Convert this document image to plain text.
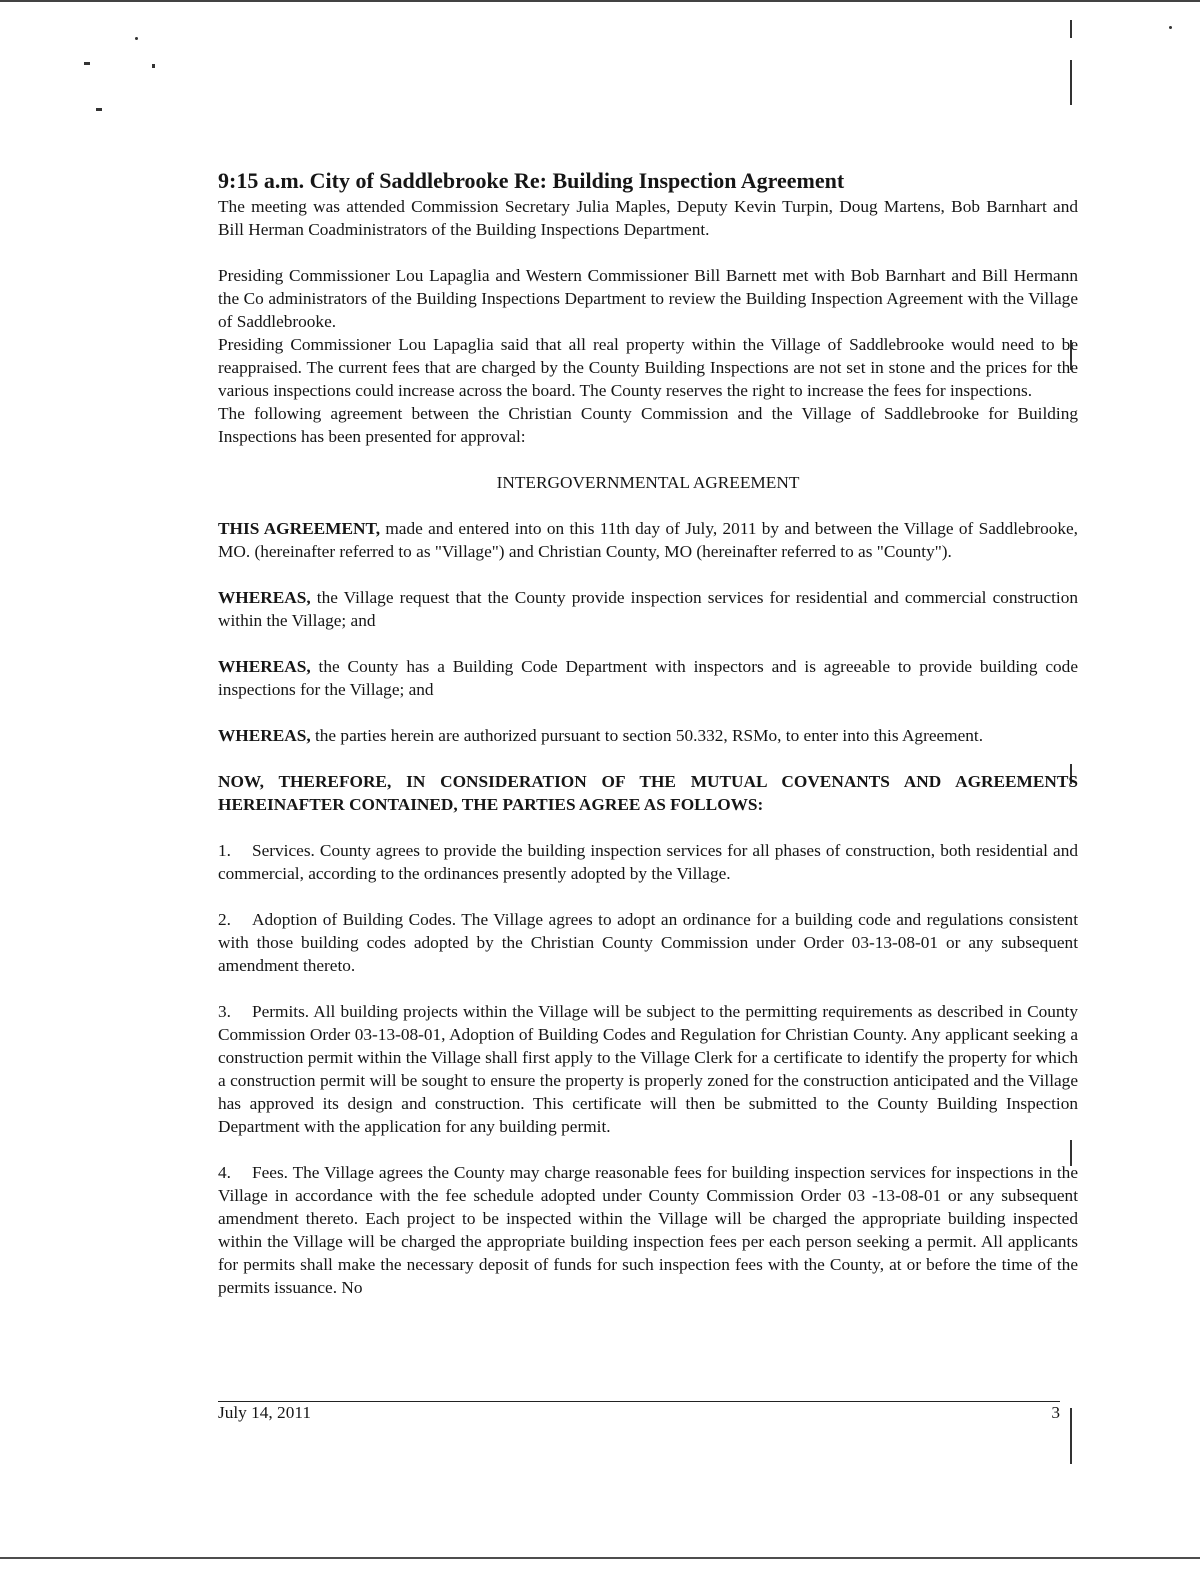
9:15 a.m. City of Saddlebrooke Re: Building Inspection Agreement

The meeting was attended Commission Secretary Julia Maples, Deputy Kevin Turpin, Doug Martens, Bob Barnhart and Bill Herman Coadministrators of the Building Inspections Department.

Presiding Commissioner Lou Lapaglia and Western Commissioner Bill Barnett met with Bob Barnhart and Bill Hermann the Co administrators of the Building Inspections Department to review the Building Inspection Agreement with the Village of Saddlebrooke.

Presiding Commissioner Lou Lapaglia said that all real property within the Village of Saddlebrooke would need to be reappraised. The current fees that are charged by the County Building Inspections are not set in stone and the prices for the various inspections could increase across the board. The County reserves the right to increase the fees for inspections.

The following agreement between the Christian County Commission and the Village of Saddlebrooke for Building Inspections has been presented for approval:

INTERGOVERNMENTAL AGREEMENT

THIS AGREEMENT, made and entered into on this 11th day of July, 2011 by and between the Village of Saddlebrooke, MO. (hereinafter referred to as "Village") and Christian County, MO (hereinafter referred to as "County").

WHEREAS, the Village request that the County provide inspection services for residential and commercial construction within the Village; and

WHEREAS, the County has a Building Code Department with inspectors and is agreeable to provide building code inspections for the Village; and

WHEREAS, the parties herein are authorized pursuant to section 50.332, RSMo, to enter into this Agreement.

NOW, THEREFORE, IN CONSIDERATION OF THE MUTUAL COVENANTS AND AGREEMENTS HEREINAFTER CONTAINED, THE PARTIES AGREE AS FOLLOWS:

1. Services. County agrees to provide the building inspection services for all phases of construction, both residential and commercial, according to the ordinances presently adopted by the Village.

2. Adoption of Building Codes. The Village agrees to adopt an ordinance for a building code and regulations consistent with those building codes adopted by the Christian County Commission under Order 03-13-08-01 or any subsequent amendment thereto.

3. Permits. All building projects within the Village will be subject to the permitting requirements as described in County Commission Order 03-13-08-01, Adoption of Building Codes and Regulation for Christian County. Any applicant seeking a construction permit within the Village shall first apply to the Village Clerk for a certificate to identify the property for which a construction permit will be sought to ensure the property is properly zoned for the construction anticipated and the Village has approved its design and construction. This certificate will then be submitted to the County Building Inspection Department with the application for any building permit.

4. Fees. The Village agrees the County may charge reasonable fees for building inspection services for inspections in the Village in accordance with the fee schedule adopted under County Commission Order 03 -13-08-01 or any subsequent amendment thereto. Each project to be inspected within the Village will be charged the appropriate building inspected within the Village will be charged the appropriate building inspection fees per each person seeking a permit. All applicants for permits shall make the necessary deposit of funds for such inspection fees with the County, at or before the time of the permits issuance. No

July 14, 2011	3
